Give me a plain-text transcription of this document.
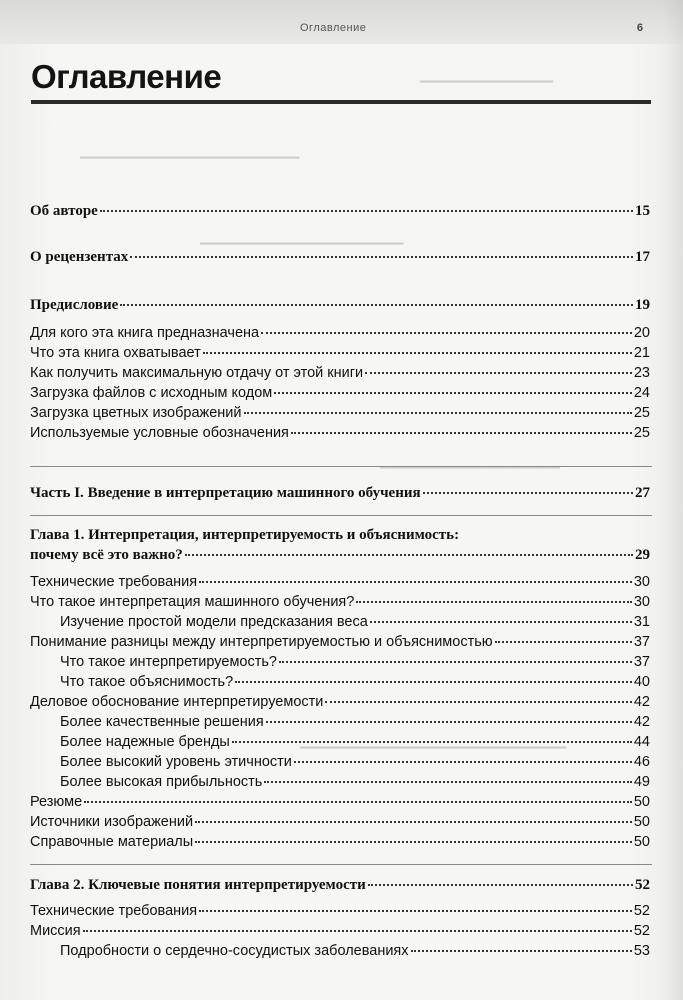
Оглавление	6
━━━━━━━━━━━━━━━━━
━━━━━━━━━━━━━━━━━━━━━━━━━━━━
━━━━━━━━━━━━━━━━━━━━━━━━━━
━━━━━━━━━━━━━━━━━━━━━━━
━━━━━━━━━━━━━━━━━━━━━━━━━━━━━━━━━━
Оглавление
Об авторе	15
О рецензентах	17
Предисловие	19
Для кого эта книга предназначена	20
Что эта книга охватывает	21
Как получить максимальную отдачу от этой книги	23
Загрузка файлов с исходным кодом	24
Загрузка цветных изображений	25
Используемые условные обозначения	25
Часть I. Введение в интерпретацию машинного обучения	27
Глава 1. Интерпретация, интерпретируемость и объяснимость:
почему всё это важно?	29
Технические требования	30
Что такое интерпретация машинного обучения?	30
Изучение простой модели предсказания веса	31
Понимание разницы между интерпретируемостью и объяснимостью	37
Что такое интерпретируемость?	37
Что такое объяснимость?	40
Деловое обоснование интерпретируемости	42
Более качественные решения	42
Более надежные бренды	44
Более высокий уровень этичности	46
Более высокая прибыльность	49
Резюме	50
Источники изображений	50
Справочные материалы	50
Глава 2. Ключевые понятия интерпретируемости	52
Технические требования	52
Миссия	52
Подробности о сердечно-сосудистых заболеваниях	53
